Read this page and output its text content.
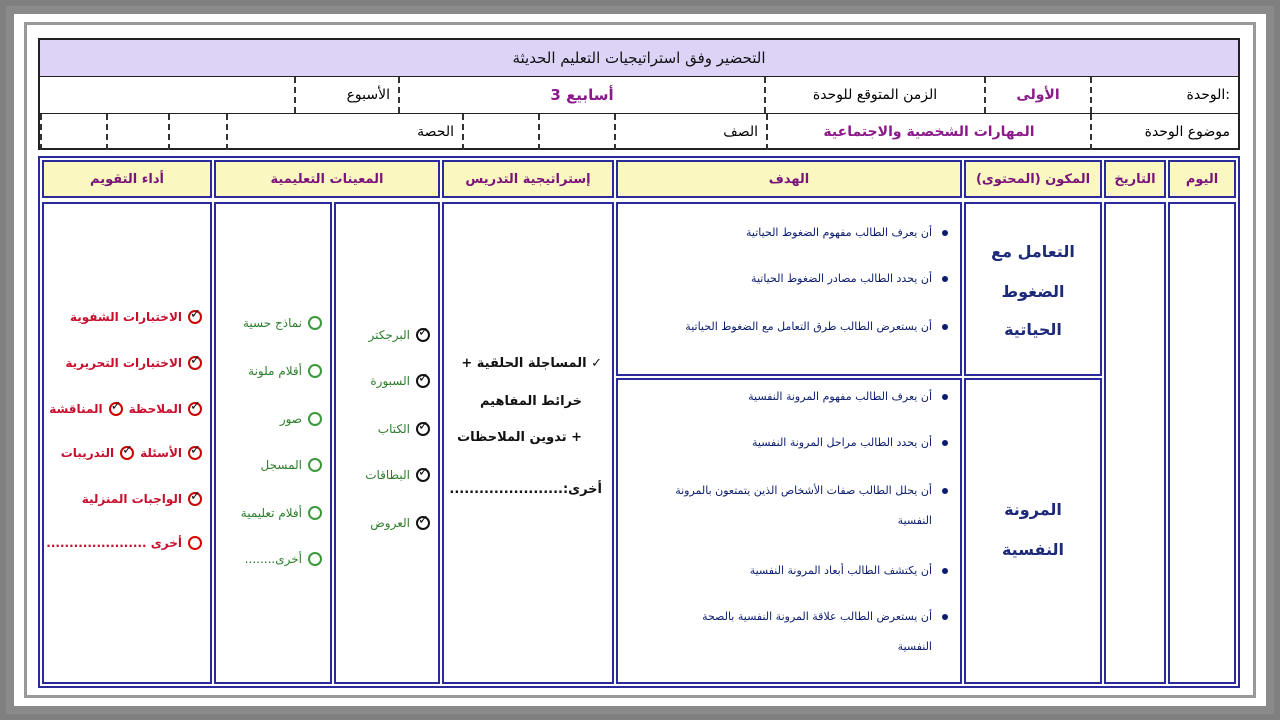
التحضير وفق استراتيجيات التعليم الحديثة
الوحدة:
الأولى
الزمن المتوقع للوحدة
3 أسابيع
الأسبوع
موضوع الوحدة
المهارات الشخصية والاجتماعية
الصف
الحصة
اليوم
التاريخ
المكون (المحتوى)
الهدف
إستراتيجية التدريس
المعينات التعليمية
أداء التقويم
التعامل مع
الضغوط
الحياتية
المرونة
النفسية
أن يعرف الطالب مفهوم الضغوط الحياتية
أن يحدد الطالب مصادر الضغوط الحياتية
أن يستعرض الطالب طرق التعامل مع الضغوط الحياتية
أن يعرف الطالب مفهوم المرونة النفسية
أن يحدد الطالب مراحل المرونة النفسية
أن يحلل الطالب صفات الأشخاص الذين يتمتعون بالمرونة
النفسية
أن يكتشف الطالب أبعاد المرونة النفسية
أن يستعرض الطالب علاقة المرونة النفسية بالصحة
النفسية
✓ المساجلة الحلقية +
خرائط المفاهيم
+ تدوين الملاحظات
أخرى:.......................
✓
البرجكتر
✓
السبورة
✓
الكتاب
✓
البطاقات
✓
العروض
نماذج حسية
أقلام ملونة
صور
المسجل
أفلام تعليمية
أخرى........
✓
الاختبارات الشفوية
✓
الاختبارات التحريرية
✓
الملاحظة
✓
المناقشة
✓
الأسئلة
✓
التدريبات
✓
الواجبات المنزلية
أخرى ......................
